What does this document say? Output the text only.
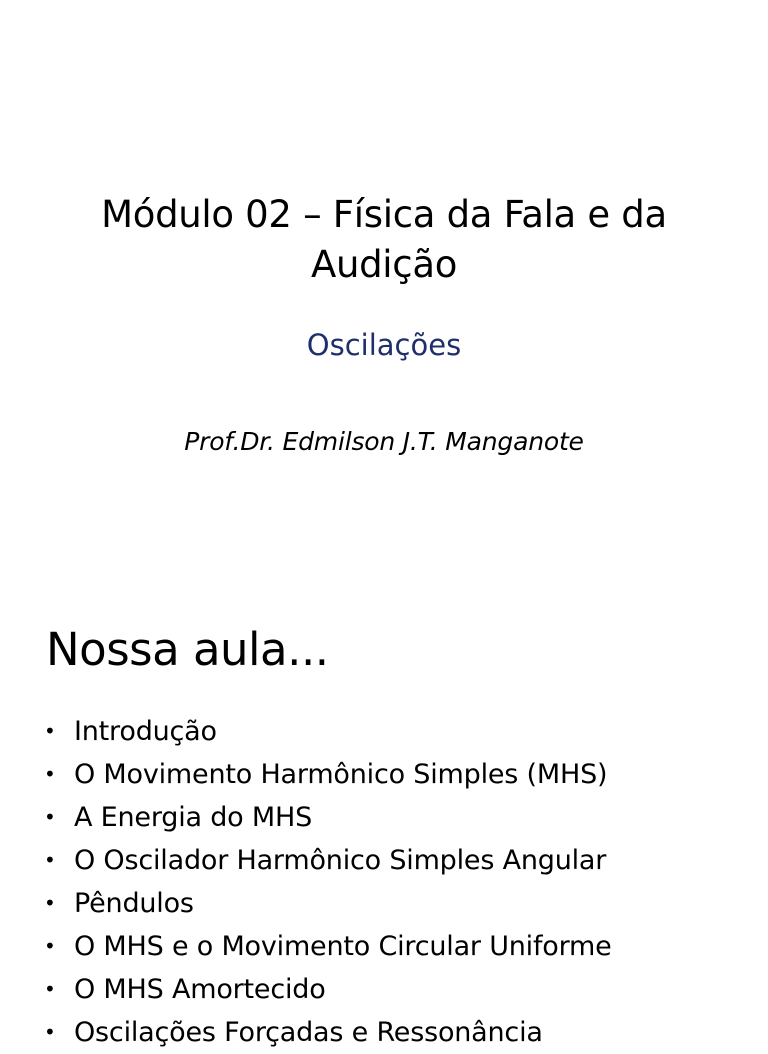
Módulo 02 – Física da Fala e da Audição

Oscilações

Prof.Dr. Edmilson J.T. Manganote

Nossa aula...
• Introdução
• O Movimento Harmônico Simples (MHS)
• A Energia do MHS
• O Oscilador Harmônico Simples Angular
• Pêndulos
• O MHS e o Movimento Circular Uniforme
• O MHS Amortecido
• Oscilações Forçadas e Ressonância
